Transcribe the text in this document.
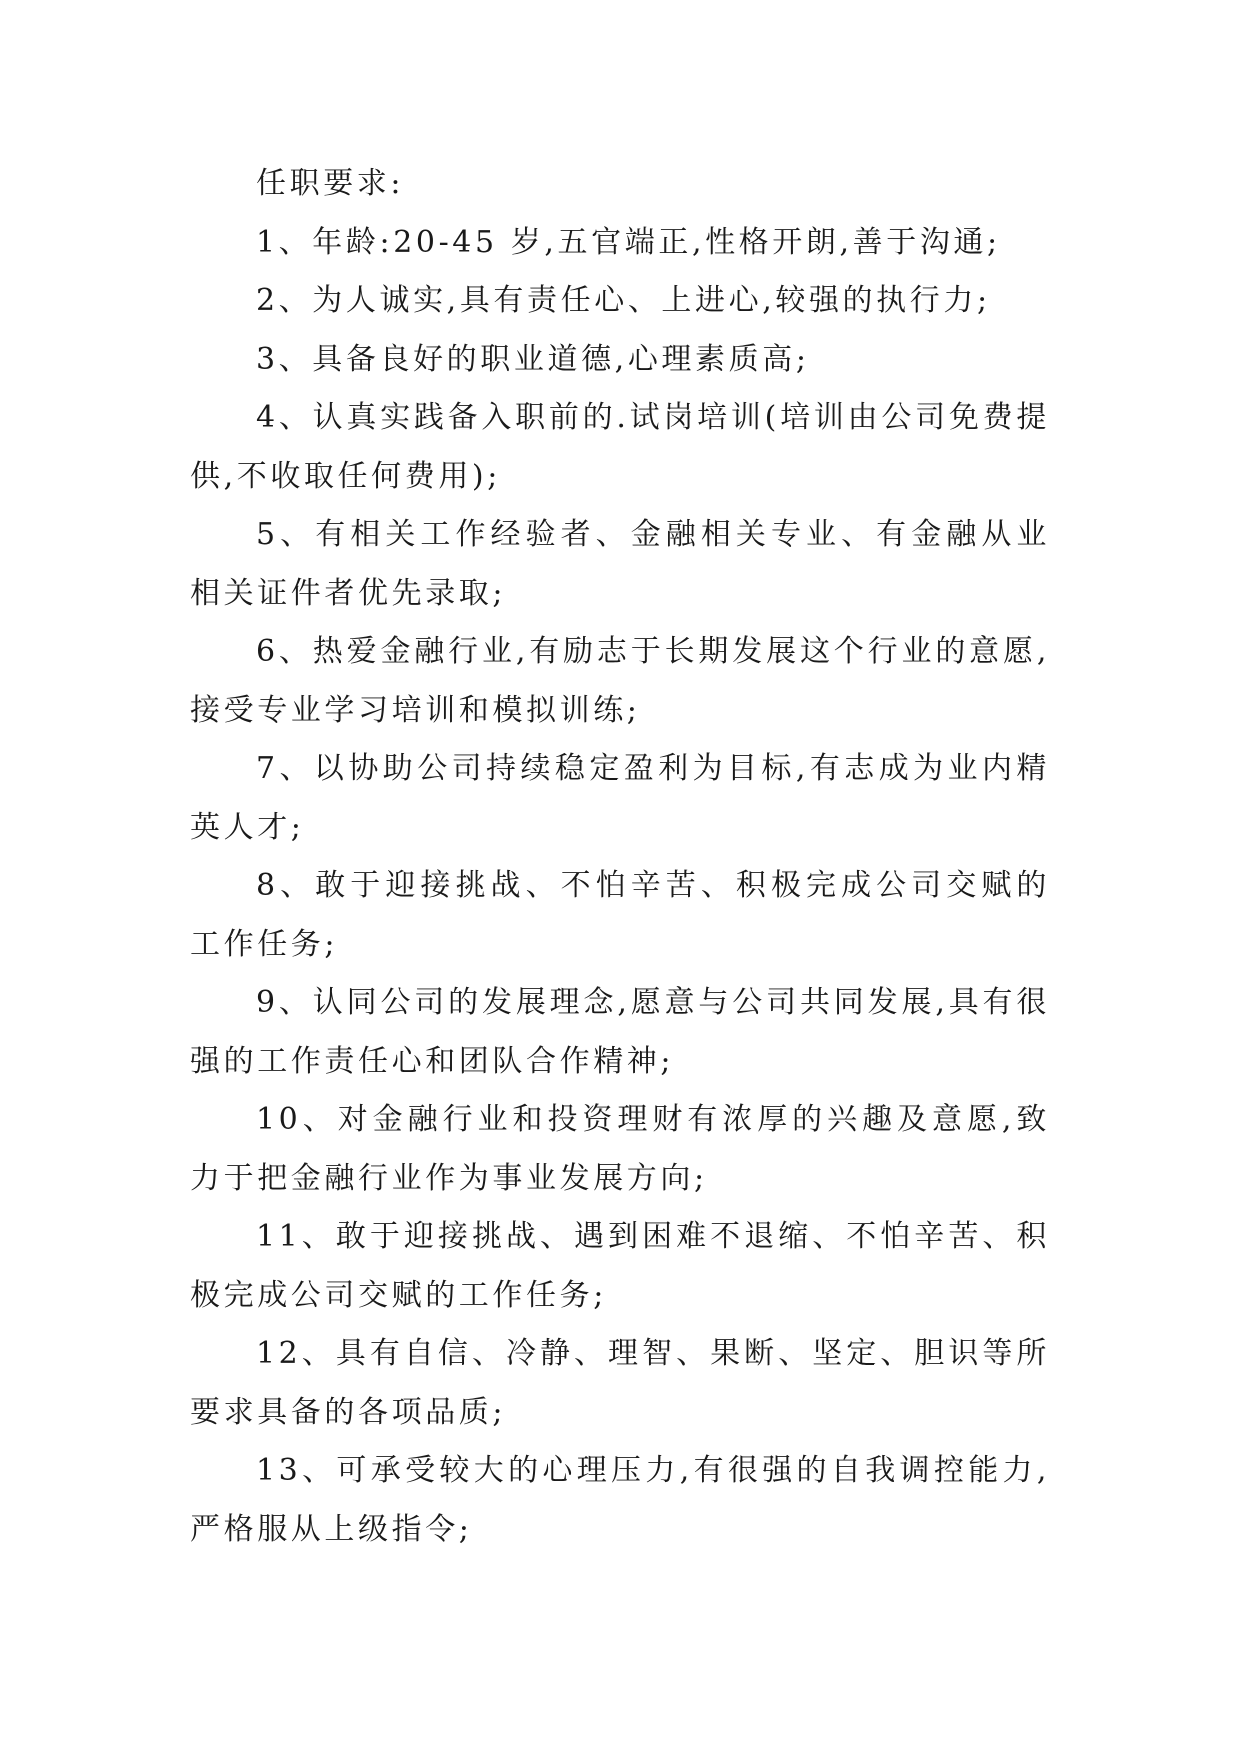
任职要求:

1、年龄:20-45 岁,五官端正,性格开朗,善于沟通;

2、为人诚实,具有责任心、上进心,较强的执行力;

3、具备良好的职业道德,心理素质高;

4、认真实践备入职前的.试岗培训(培训由公司免费提供,不收取任何费用);

5、有相关工作经验者、金融相关专业、有金融从业相关证件者优先录取;

6、热爱金融行业,有励志于长期发展这个行业的意愿,接受专业学习培训和模拟训练;

7、以协助公司持续稳定盈利为目标,有志成为业内精英人才;

8、敢于迎接挑战、不怕辛苦、积极完成公司交赋的工作任务;

9、认同公司的发展理念,愿意与公司共同发展,具有很强的工作责任心和团队合作精神;

10、对金融行业和投资理财有浓厚的兴趣及意愿,致力于把金融行业作为事业发展方向;

11、敢于迎接挑战、遇到困难不退缩、不怕辛苦、积极完成公司交赋的工作任务;

12、具有自信、冷静、理智、果断、坚定、胆识等所要求具备的各项品质;

13、可承受较大的心理压力,有很强的自我调控能力,严格服从上级指令;
